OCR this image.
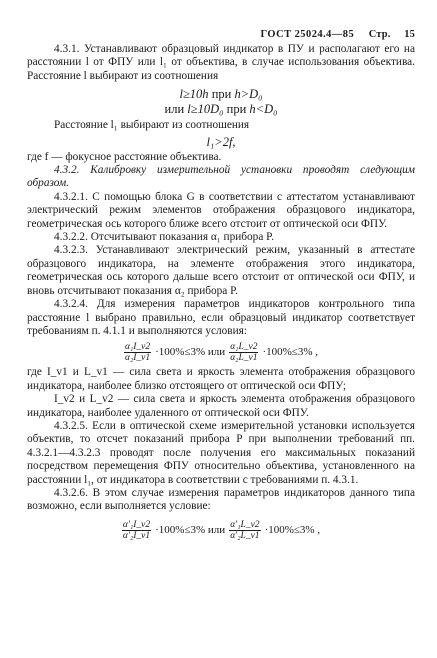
ГОСТ 25024.4—85 Стр. 15

4.3.1. Устанавливают образцовый индикатор в ПУ и располагают его на расстоянии l от ФПУ или l₁ от объектива, в случае использования объектива. Расстояние l выбирают из соотношения

l≥10h при h>D₀
или l≥10D₀ при h<D₀

Расстояние l₁ выбирают из соотношения

l₁>2f,

где f — фокусное расстояние объектива.

4.3.2. Калибровку измерительной установки проводят следующим образом.

4.3.2.1. С помощью блока G в соответствии с аттестатом устанавливают электрический режим элементов отображения образцового индикатора, геометрическая ось которого ближе всего отстоит от оптической оси ФПУ.

4.3.2.2. Отсчитывают показания α₁ прибора P.

4.3.2.3. Устанавливают электрический режим, указанный в аттестате образцового индикатора, на элементе отображения этого индикатора, геометрическая ось которого дальше всего отстоит от оптической оси ФПУ, и вновь отсчитывают показания α₂ прибора P.

4.3.2.4. Для измерения параметров индикаторов контрольного типа расстояние l выбрано правильно, если образцовый индикатор соответствует требованиям п. 4.1.1 и выполняются условия:

$\frac{\text{α₁I\_v2}}{\text{α₂I\_v1}} \cdot 100\%\le 3\%$ или $\frac{\text{α₁L\_v2}}{\text{α₂L\_v1}} \cdot 100\%\le 3\%$ ,

где I_v1 и L_v1 — сила света и яркость элемента отображения образцового индикатора, наиболее близко отстоящего от оптической оси ФПУ;

I_v2 и L_v2 — сила света и яркость элемента отображения образцового индикатора, наиболее удаленного от оптической оси ФПУ.

4.3.2.5. Если в оптической схеме измерительной установки используется объектив, то отсчет показаний прибора P при выполнении требований пп. 4.3.2.1—4.3.2.3 проводят после получения его максимальных показаний посредством перемещения ФПУ относительно объектива, установленного на расстоянии l₁, от индикатора в соответствии с требованиями п. 4.3.1.

4.3.2.6. В этом случае измерения параметров индикаторов данного типа возможно, если выполняется условие:

$\frac{\text{α′₁I\_v2}}{\text{α′₂I\_v1}} \cdot 100\%\le 3\%$ или $\frac{\text{α′₁L\_v2}}{\text{α′₂L\_v1}} \cdot 100\%\le 3\%$ ,
